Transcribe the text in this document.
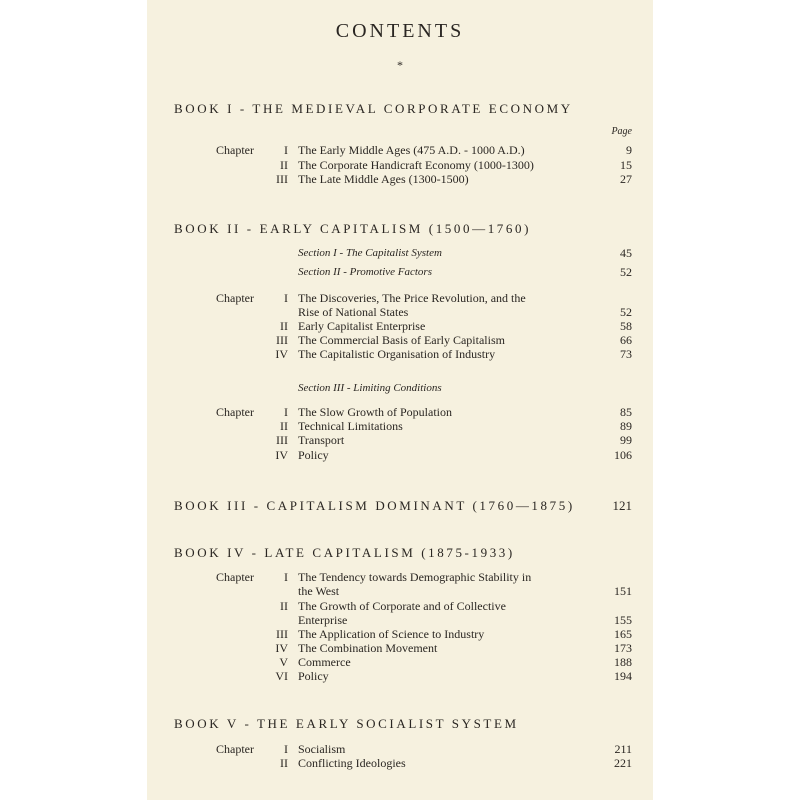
CONTENTS
*
BOOK I - THE MEDIEVAL CORPORATE ECONOMY
Page
Chapter	I The Early Middle Ages (475 A.D. - 1000 A.D.)	9
II The Corporate Handicraft Economy (1000-1300)	15
III The Late Middle Ages (1300-1500)	27
BOOK II - EARLY CAPITALISM (1500—1760)
Section I - The Capitalist System	45
Section II - Promotive Factors	52
Chapter	I The Discoveries, The Price Revolution, and the
Rise of National States	52
II Early Capitalist Enterprise	58
III The Commercial Basis of Early Capitalism	66
IV The Capitalistic Organisation of Industry	73
Section III - Limiting Conditions
Chapter	I The Slow Growth of Population	85
II Technical Limitations	89
III Transport	99
IV Policy	106
BOOK III - CAPITALISM DOMINANT (1760—1875)	121
BOOK IV - LATE CAPITALISM (1875-1933)
Chapter	I The Tendency towards Demographic Stability in
the West	151
II The Growth of Corporate and of Collective
Enterprise	155
III The Application of Science to Industry	165
IV The Combination Movement	173
V Commerce	188
VI Policy	194
BOOK V - THE EARLY SOCIALIST SYSTEM
Chapter	I Socialism	211
II Conflicting Ideologies	221
